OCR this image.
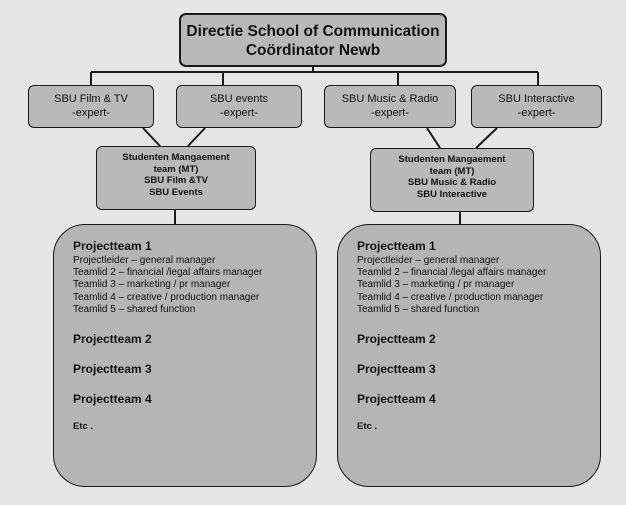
Directie School of Communication
Coördinator Newb
SBU Film & TV
-expert-
SBU events
-expert-
SBU Music & Radio
-expert-
SBU Interactive
-expert-
Studenten Mangaement
team (MT)
SBU Film &TV
SBU Events
Studenten Mangaement
team (MT)
SBU Music & Radio
SBU Interactive
Projectteam 1
Projectleider – general manager
Teamlid 2 – financial /legal affairs manager
Teamlid 3 – marketing / pr manager
Teamlid 4 – creative / production manager
Teamlid 5 – shared function
Projectteam 2
Projectteam 3
Projectteam 4
Etc .
Projectteam 1
Projectleider – general manager
Teamlid 2 – financial /legal affairs manager
Teamlid 3 – marketing / pr manager
Teamlid 4 – creative / production manager
Teamlid 5 – shared function
Projectteam 2
Projectteam 3
Projectteam 4
Etc .
